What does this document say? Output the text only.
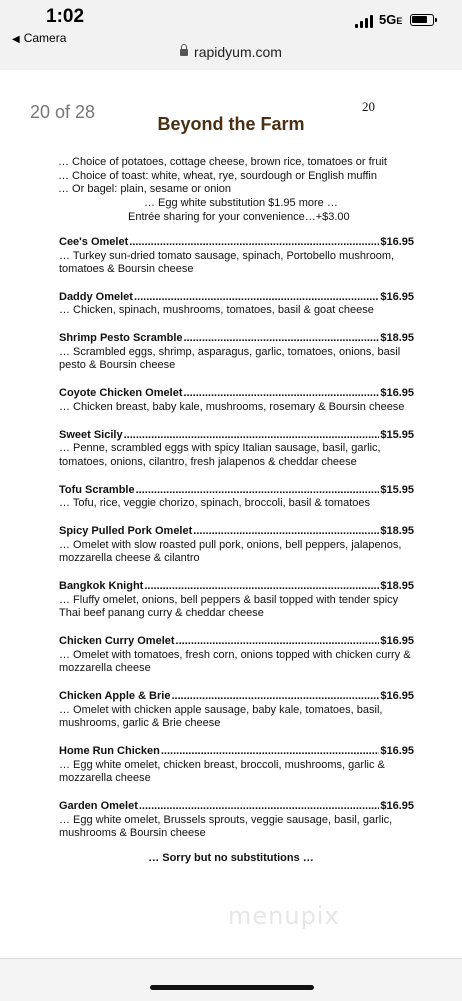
1:02
◀ Camera
5GE
rapidyum.com
20 of 28	20
Beyond the Farm
… Choice of potatoes, cottage cheese, brown rice, tomatoes or fruit
… Choice of toast: white, wheat, rye, sourdough or English muffin
… Or bagel: plain, sesame or onion
… Egg white substitution $1.95 more …
Entrée sharing for your convenience…+$3.00
Cee's Omelet .....	$16.95
… Turkey sun-dried tomato sausage, spinach, Portobello mushroom, tomatoes & Boursin cheese
Daddy Omelet .....	$16.95
… Chicken, spinach, mushrooms, tomatoes, basil & goat cheese
Shrimp Pesto Scramble .....	$18.95
… Scrambled eggs, shrimp, asparagus, garlic, tomatoes, onions, basil pesto & Boursin cheese
Coyote Chicken Omelet .....	$16.95
… Chicken breast, baby kale, mushrooms, rosemary & Boursin cheese
Sweet Sicily .....	$15.95
… Penne, scrambled eggs with spicy Italian sausage, basil, garlic, tomatoes, onions, cilantro, fresh jalapenos & cheddar cheese
Tofu Scramble .....	$15.95
… Tofu, rice, veggie chorizo, spinach, broccoli, basil & tomatoes
Spicy Pulled Pork Omelet .....	$18.95
… Omelet with slow roasted pull pork, onions, bell peppers, jalapenos, mozzarella cheese & cilantro
Bangkok Knight .....	$18.95
… Fluffy omelet, onions, bell peppers & basil topped with tender spicy Thai beef panang curry & cheddar cheese
Chicken Curry Omelet .....	$16.95
… Omelet with tomatoes, fresh corn, onions topped with chicken curry & mozzarella cheese
Chicken Apple & Brie .....	$16.95
… Omelet with chicken apple sausage, baby kale, tomatoes, basil, mushrooms, garlic & Brie cheese
Home Run Chicken .....	$16.95
… Egg white omelet, chicken breast, broccoli, mushrooms, garlic & mozzarella cheese
Garden Omelet .....	$16.95
… Egg white omelet, Brussels sprouts, veggie sausage, basil, garlic, mushrooms & Boursin cheese
… Sorry but no substitutions …
menupix
